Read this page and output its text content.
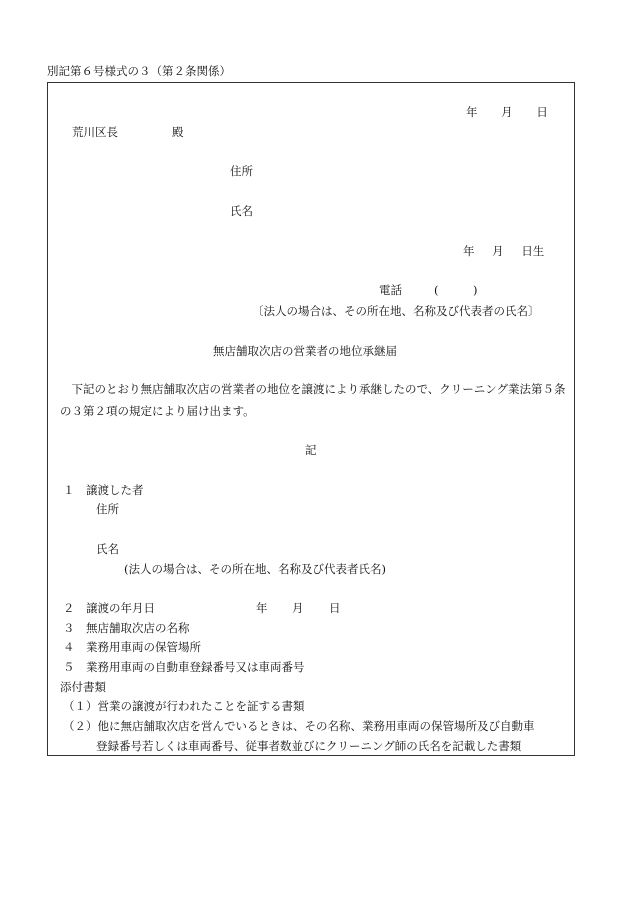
別記第６号様式の３（第２条関係）
年 月 日
荒川区長	殿
住所
氏名
年 月 日生
電話	(　　　)
〔法人の場合は、その所在地、名称及び代表者の氏名〕
無店舗取次店の営業者の地位承継届
下記のとおり無店舗取次店の営業者の地位を譲渡により承継したので、クリーニング業法第５条の３第２項の規定により届け出ます。
記
１　譲渡した者
住所
氏名
(法人の場合は、その所在地、名称及び代表者氏名)
２　譲渡の年月日	年 月 日
３　無店舗取次店の名称
４　業務用車両の保管場所
５　業務用車両の自動車登録番号又は車両番号
添付書類
（１）営業の譲渡が行われたことを証する書類
（２）他に無店舗取次店を営んでいるときは、その名称、業務用車両の保管場所及び自動車
登録番号若しくは車両番号、従事者数並びにクリーニング師の氏名を記載した書類
